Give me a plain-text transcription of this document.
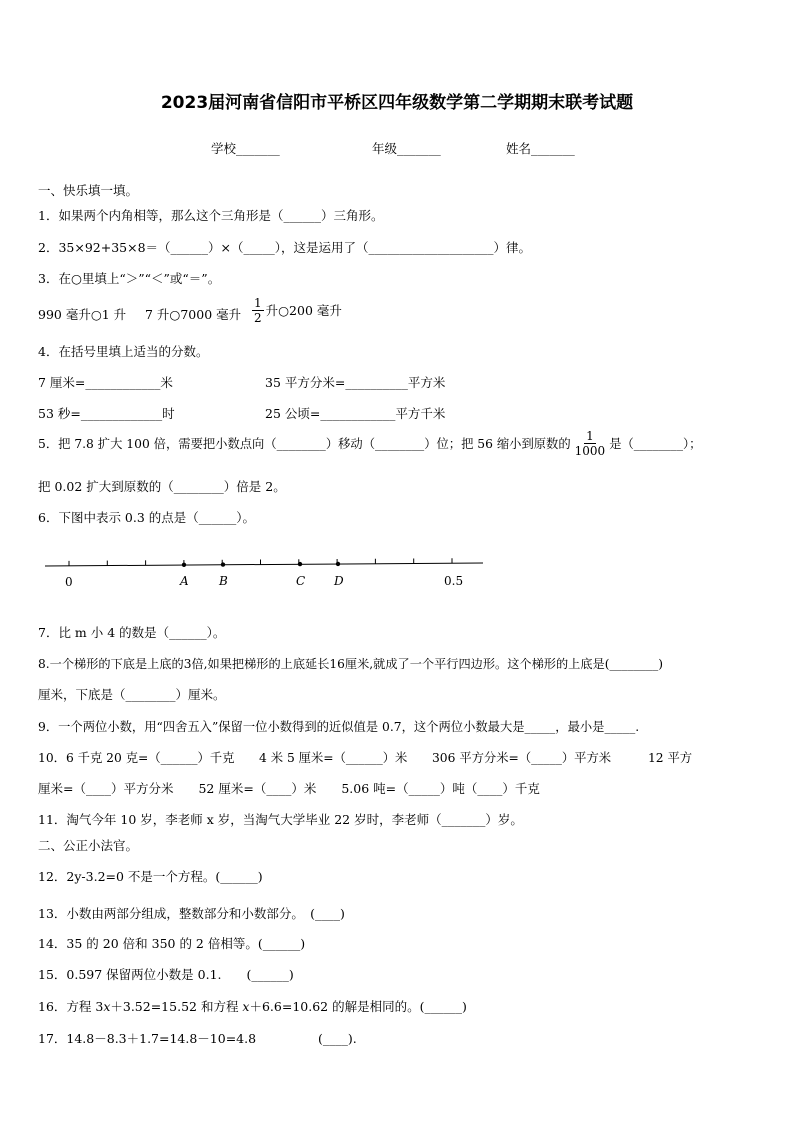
2023届河南省信阳市平桥区四年级数学第二学期期末联考试题
学校_______	年级_______	姓名_______
一、快乐填一填。
1．如果两个内角相等，那么这个三角形是（______）三角形。
2．35×92+35×8＝（______）×（_____），这是运用了（____________________）律。
3．在○里填上“＞”“＜”或“＝”。
990 毫升○1 升 7 升○7000 毫升 $\frac{1}{2}$ 升○200 毫升
4．在括号里填上适当的分数。
7 厘米=____________米	35 平方分米=__________平方米
53 秒=_____________时	25 公顷=____________平方千米
5．把 7.8 扩大 100 倍，需要把小数点向（________）移动（________）位；把 56 缩小到原数的 $\frac{1}{1000}$ 是（________）；
把 0.02 扩大到原数的（________）倍是 2。
6．下图中表示 0.3 的点是（______）。
0	A	B	C D	0.5
7．比 m 小 4 的数是（______）。
8.一个梯形的下底是上底的3倍,如果把梯形的上底延长16厘米,就成了一个平行四边形。这个梯形的上底是(________)
厘米，下底是（________）厘米。
9．一个两位小数，用“四舍五入”保留一位小数得到的近似值是 0.7，这个两位小数最大是_____，最小是_____.
10．6 千克 20 克=（______）千克　　4 米 5 厘米=（______）米　　306 平方分米=（_____）平方米　　　12 平方
厘米=（____）平方分米　　52 厘米=（____）米　　5.06 吨=（_____）吨（____）千克
11．淘气今年 10 岁，李老师 x 岁，当淘气大学毕业 22 岁时，李老师（_______）岁。
二、公正小法官。
12．2y-3.2=0 不是一个方程。(______)
13．小数由两部分组成，整数部分和小数部分。　(____)
14．35 的 20 倍和 350 的 2 倍相等。(______)
15．0.597 保留两位小数是 0.1.　　(______)
16．方程 3𝑥＋3.52=15.52 和方程 𝑥＋6.6=10.62 的解是相同的。(______)
17．14.8－8.3＋1.7=14.8－10=4.8	(____).
